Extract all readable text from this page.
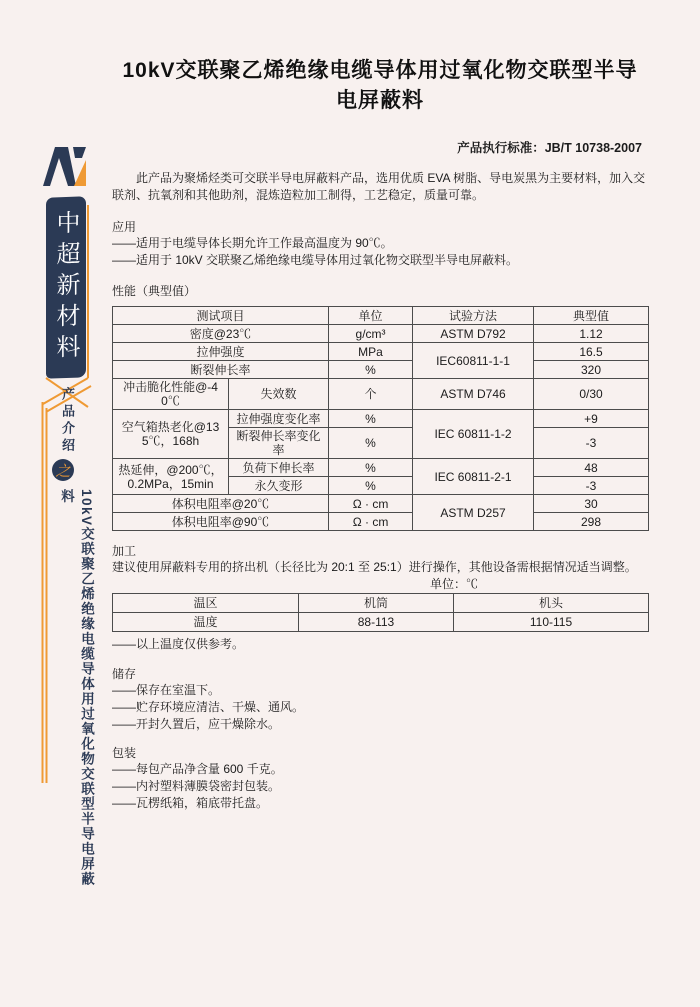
中超新材料
产品介绍
之
10kV交联聚乙烯绝缘电缆导体用过氧化物交联型半导电屏蔽料
10kV交联聚乙烯绝缘电缆导体用过氧化物交联型半导电屏蔽料
产品执行标准：JB/T 10738-2007
此产品为聚烯烃类可交联半导电屏蔽料产品，选用优质 EVA 树脂、导电炭黑为主要材料，加入交联剂、抗氧剂和其他助剂，混炼造粒加工制得，工艺稳定，质量可靠。
应用
——适用于电缆导体长期允许工作最高温度为 90℃。
——适用于 10kV 交联聚乙烯绝缘电缆导体用过氧化物交联型半导电屏蔽料。
性能（典型值）
测试项目		单位	试验方法	典型值
密度@23℃		g/cm³	ASTM D792	1.12
拉伸强度		MPa	IEC60811-1-1	16.5
断裂伸长率		%		320
冲击脆化性能@-40℃	失效数	个	ASTM D746	0/30
空气箱热老化@135℃，168h	拉伸强度变化率	%	IEC 60811-1-2	+9
	断裂伸长率变化率	%		-3
热延伸，@200℃，0.2MPa，15min	负荷下伸长率	%	IEC 60811-2-1	48
	永久变形	%		-3
体积电阻率@20℃		Ω · cm	ASTM D257	30
体积电阻率@90℃		Ω · cm		298
加工
建议使用屏蔽料专用的挤出机（长径比为 20:1 至 25:1）进行操作，其他设备需根据情况适当调整。
单位：℃
温区	机筒	机头
温度	88-113	110-115
——以上温度仅供参考。
储存
——保存在室温下。
——贮存环境应清洁、干燥、通风。
——开封久置后，应干燥除水。
包装
——每包产品净含量 600 千克。
——内衬塑料薄膜袋密封包装。
——瓦楞纸箱，箱底带托盘。
